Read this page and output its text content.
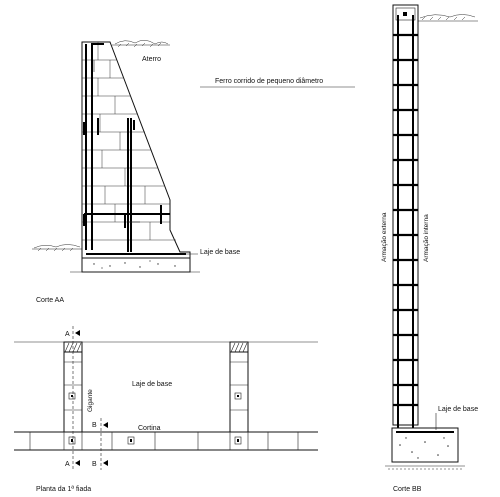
Aterro
Ferro corrido de pequeno diâmetro
Laje de base
Corte AA
A
A
B
B
Laje de base
Gigante
Cortina
Planta da 1ª fiada
Armação externa	Armação interna
Laje de base
Corte BB
